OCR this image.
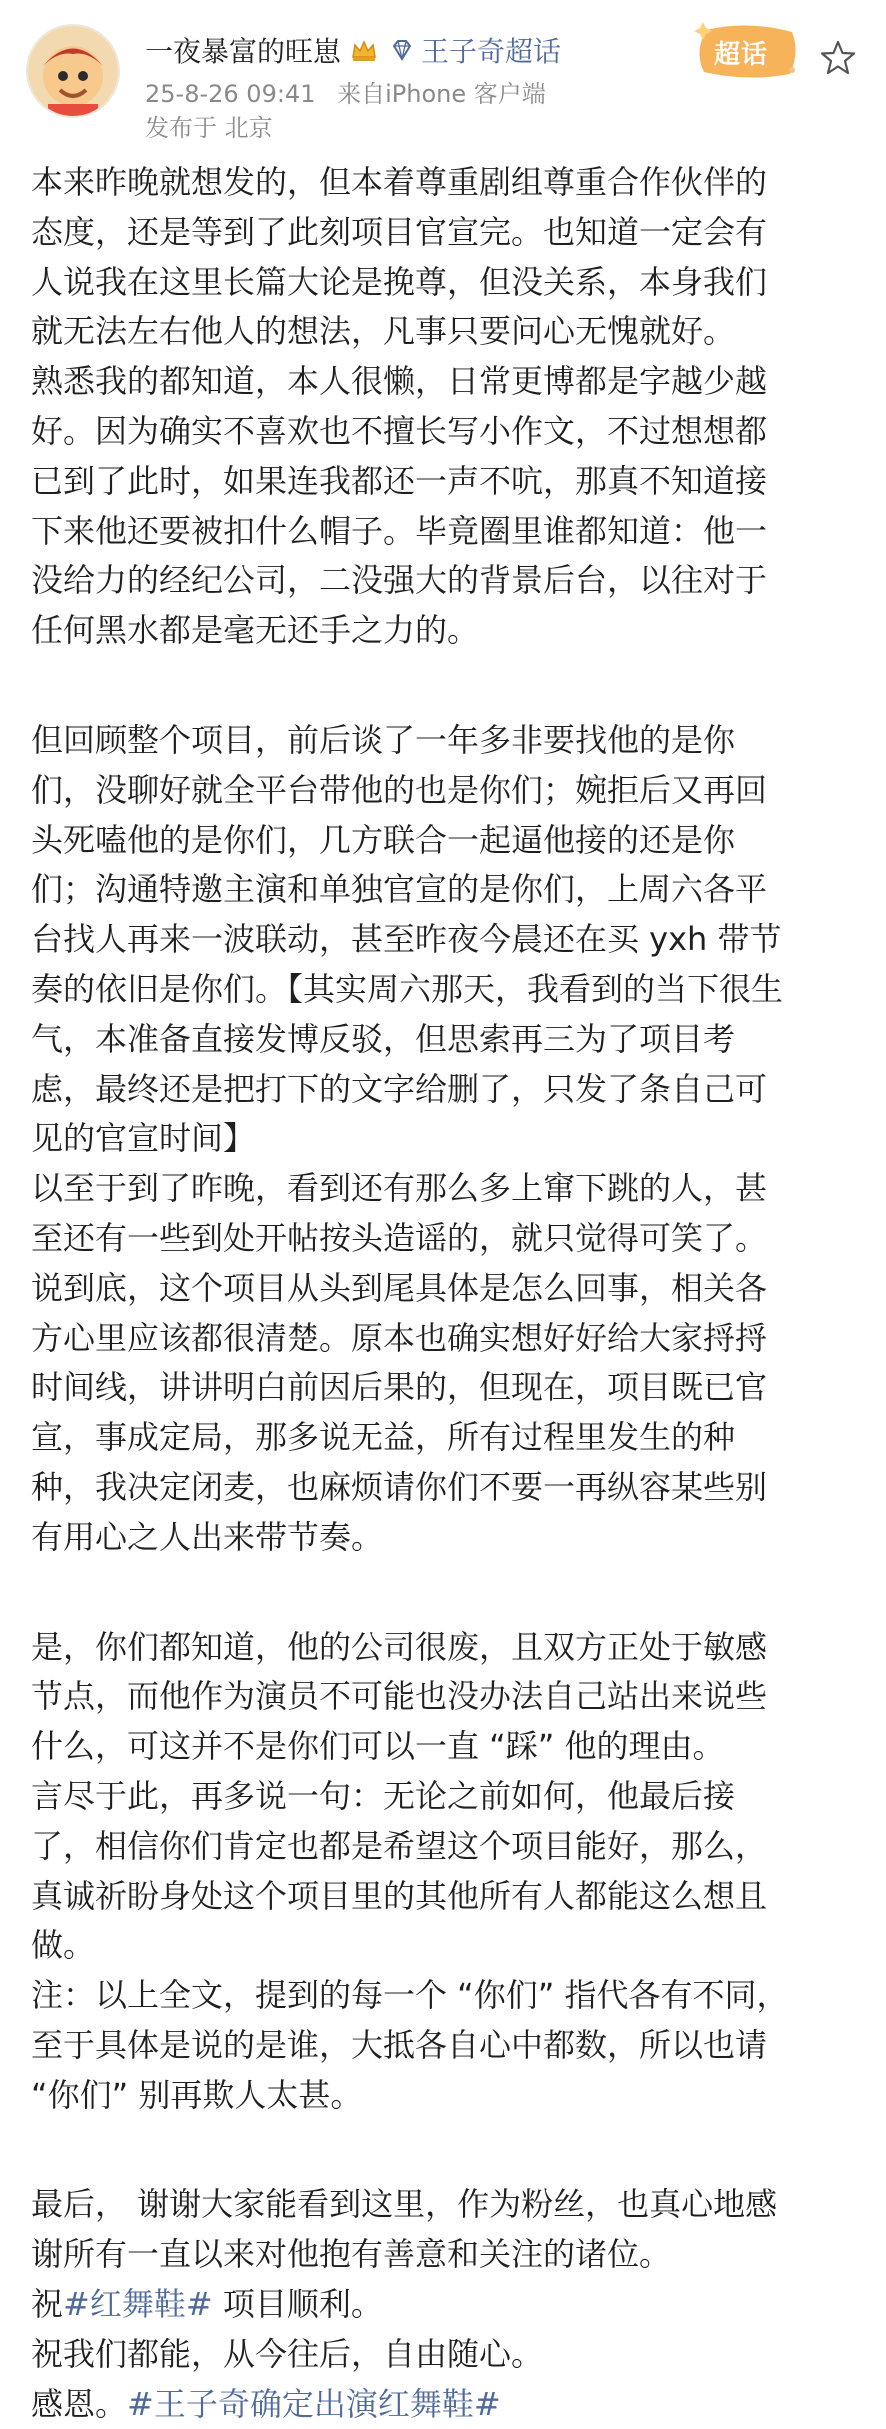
一夜暴富的旺崽	王子奇超话
25-8-26 09:41 来自iPhone 客户端
发布于 北京
超话
本来昨晚就想发的，但本着尊重剧组尊重合作伙伴的
态度，还是等到了此刻项目官宣完。也知道一定会有
人说我在这里长篇大论是挽尊，但没关系，本身我们
就无法左右他人的想法，凡事只要问心无愧就好。
熟悉我的都知道，本人很懒，日常更博都是字越少越
好。因为确实不喜欢也不擅长写小作文，不过想想都
已到了此时，如果连我都还一声不吭，那真不知道接
下来他还要被扣什么帽子。毕竟圈里谁都知道：他一
没给力的经纪公司，二没强大的背景后台，以往对于
任何黑水都是毫无还手之力的。
但回顾整个项目，前后谈了一年多非要找他的是你
们，没聊好就全平台带他的也是你们；婉拒后又再回
头死嗑他的是你们，几方联合一起逼他接的还是你
们；沟通特邀主演和单独官宣的是你们，上周六各平
台找人再来一波联动，甚至昨夜今晨还在买 yxh 带节
奏的依旧是你们。【其实周六那天，我看到的当下很生
气，本准备直接发博反驳，但思索再三为了项目考
虑，最终还是把打下的文字给删了，只发了条自己可
见的官宣时间】
以至于到了昨晚，看到还有那么多上窜下跳的人，甚
至还有一些到处开帖按头造谣的，就只觉得可笑了。
说到底，这个项目从头到尾具体是怎么回事，相关各
方心里应该都很清楚。原本也确实想好好给大家捋捋
时间线，讲讲明白前因后果的，但现在，项目既已官
宣，事成定局，那多说无益，所有过程里发生的种
种，我决定闭麦，也麻烦请你们不要一再纵容某些别
有用心之人出来带节奏。
是，你们都知道，他的公司很废，且双方正处于敏感
节点，而他作为演员不可能也没办法自己站出来说些
什么，可这并不是你们可以一直 “踩” 他的理由。
言尽于此，再多说一句：无论之前如何，他最后接
了，相信你们肯定也都是希望这个项目能好，那么，
真诚祈盼身处这个项目里的其他所有人都能这么想且
做。
注：以上全文，提到的每一个 “你们” 指代各有不同，
至于具体是说的是谁，大抵各自心中都数，所以也请
“你们” 别再欺人太甚。
最后， 谢谢大家能看到这里，作为粉丝，也真心地感
谢所有一直以来对他抱有善意和关注的诸位。
祝#红舞鞋# 项目顺利。
祝我们都能，从今往后，自由随心。
感恩。#王子奇确定出演红舞鞋#
